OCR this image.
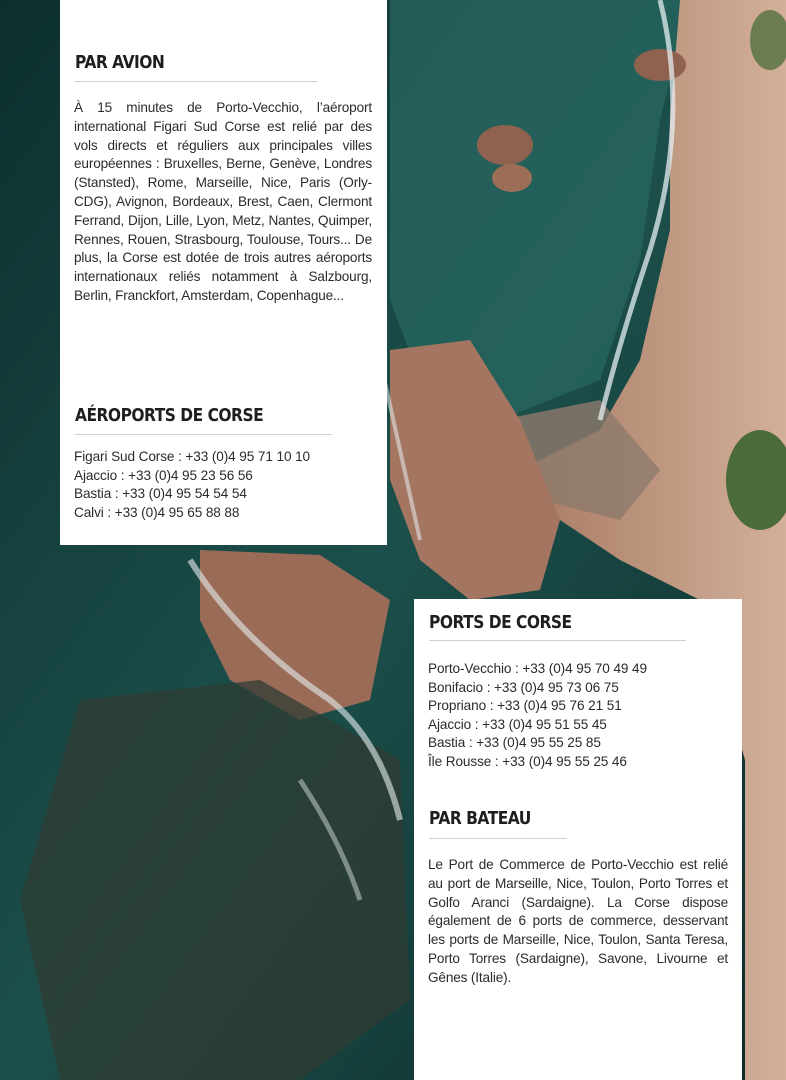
PAR AVION

À 15 minutes de Porto-Vecchio, l’aéroport international Figari Sud Corse est relié par des vols directs et réguliers aux principales villes européennes : Bruxelles, Berne, Genève, Londres (Stansted), Rome, Marseille, Nice, Paris (Orly- CDG), Avignon, Bordeaux, Brest, Caen, Clermont Ferrand, Dijon, Lille, Lyon, Metz, Nantes, Quimper, Rennes, Rouen, Strasbourg, Toulouse, Tours... De plus, la Corse est dotée de trois autres aéroports internationaux reliés notamment à Salzbourg, Berlin, Franckfort, Amsterdam, Copenhague...

AÉROPORTS DE CORSE
Figari Sud Corse : +33 (0)4 95 71 10 10
Ajaccio : +33 (0)4 95 23 56 56
Bastia : +33 (0)4 95 54 54 54
Calvi : +33 (0)4 95 65 88 88
PORTS DE CORSE
Porto-Vecchio : +33 (0)4 95 70 49 49
Bonifacio : +33 (0)4 95 73 06 75
Propriano : +33 (0)4 95 76 21 51
Ajaccio : +33 (0)4 95 51 55 45
Bastia : +33 (0)4 95 55 25 85
Île Rousse : +33 (0)4 95 55 25 46
PAR BATEAU

Le Port de Commerce de Porto-Vecchio est relié au port de Marseille, Nice, Toulon, Porto Torres et Golfo Aranci (Sardaigne). La Corse dispose également de 6 ports de commerce, desservant les ports de Marseille, Nice, Toulon, Santa Teresa, Porto Torres (Sardaigne), Savone, Livourne et Gênes (Italie).
